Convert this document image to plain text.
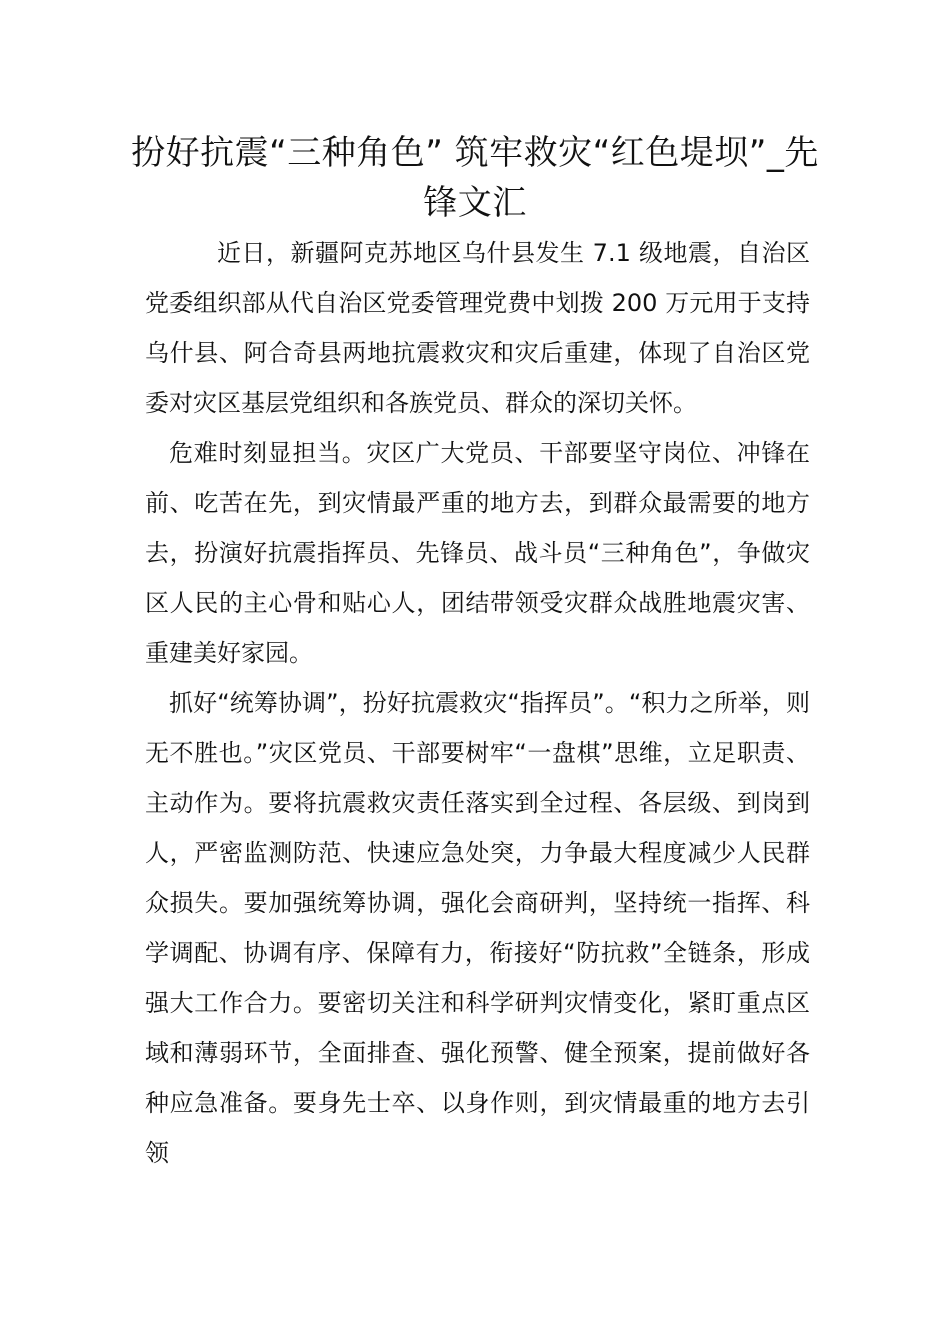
扮好抗震“三种角色” 筑牢救灾“红色堤坝”_先锋文汇

近日，新疆阿克苏地区乌什县发生 7.1 级地震，自治区党委组织部从代自治区党委管理党费中划拨 200 万元用于支持乌什县、阿合奇县两地抗震救灾和灾后重建，体现了自治区党委对灾区基层党组织和各族党员、群众的深切关怀。

危难时刻显担当。灾区广大党员、干部要坚守岗位、冲锋在前、吃苦在先，到灾情最严重的地方去，到群众最需要的地方去，扮演好抗震指挥员、先锋员、战斗员“三种角色”，争做灾区人民的主心骨和贴心人，团结带领受灾群众战胜地震灾害、重建美好家园。

抓好“统筹协调”，扮好抗震救灾“指挥员”。“积力之所举，则无不胜也。”灾区党员、干部要树牢“一盘棋”思维，立足职责、主动作为。要将抗震救灾责任落实到全过程、各层级、到岗到人，严密监测防范、快速应急处突，力争最大程度减少人民群众损失。要加强统筹协调，强化会商研判，坚持统一指挥、科学调配、协调有序、保障有力，衔接好“防抗救”全链条，形成强大工作合力。要密切关注和科学研判灾情变化，紧盯重点区域和薄弱环节，全面排查、强化预警、健全预案，提前做好各种应急准备。要身先士卒、以身作则，到灾情最重的地方去引领
